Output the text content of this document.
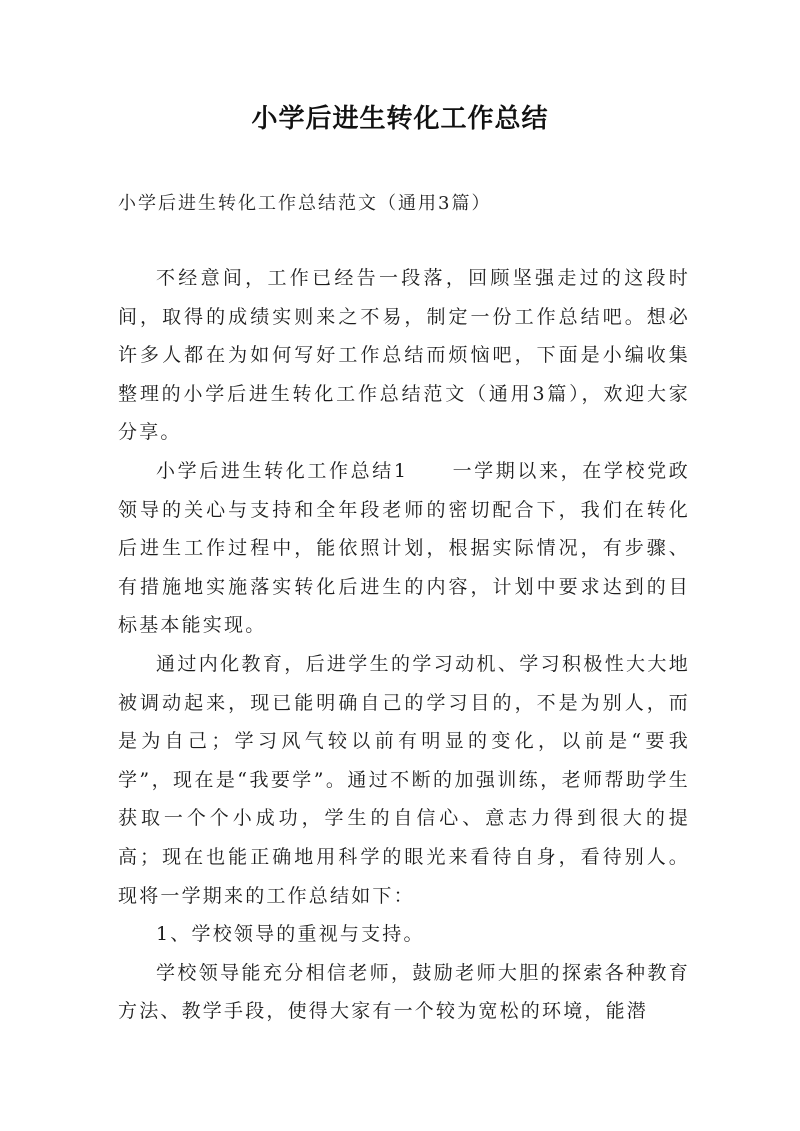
小学后进生转化工作总结
小学后进生转化工作总结范文（通用3篇）

不经意间，工作已经告一段落，回顾坚强走过的这段时间，取得的成绩实则来之不易，制定一份工作总结吧。想必许多人都在为如何写好工作总结而烦恼吧，下面是小编收集整理的小学后进生转化工作总结范文（通用3篇），欢迎大家分享。

小学后进生转化工作总结1 一学期以来，在学校党政领导的关心与支持和全年段老师的密切配合下，我们在转化后进生工作过程中，能依照计划，根据实际情况，有步骤、有措施地实施落实转化后进生的内容，计划中要求达到的目标基本能实现。

通过内化教育，后进学生的学习动机、学习积极性大大地被调动起来，现已能明确自己的学习目的，不是为别人，而是为自己；学习风气较以前有明显的变化，以前是“要我学”，现在是“我要学”。通过不断的加强训练，老师帮助学生获取一个个小成功，学生的自信心、意志力得到很大的提高；现在也能正确地用科学的眼光来看待自身，看待别人。现将一学期来的工作总结如下：

1、学校领导的重视与支持。

学校领导能充分相信老师，鼓励老师大胆的探索各种教育方法、教学手段，使得大家有一个较为宽松的环境，能潜
